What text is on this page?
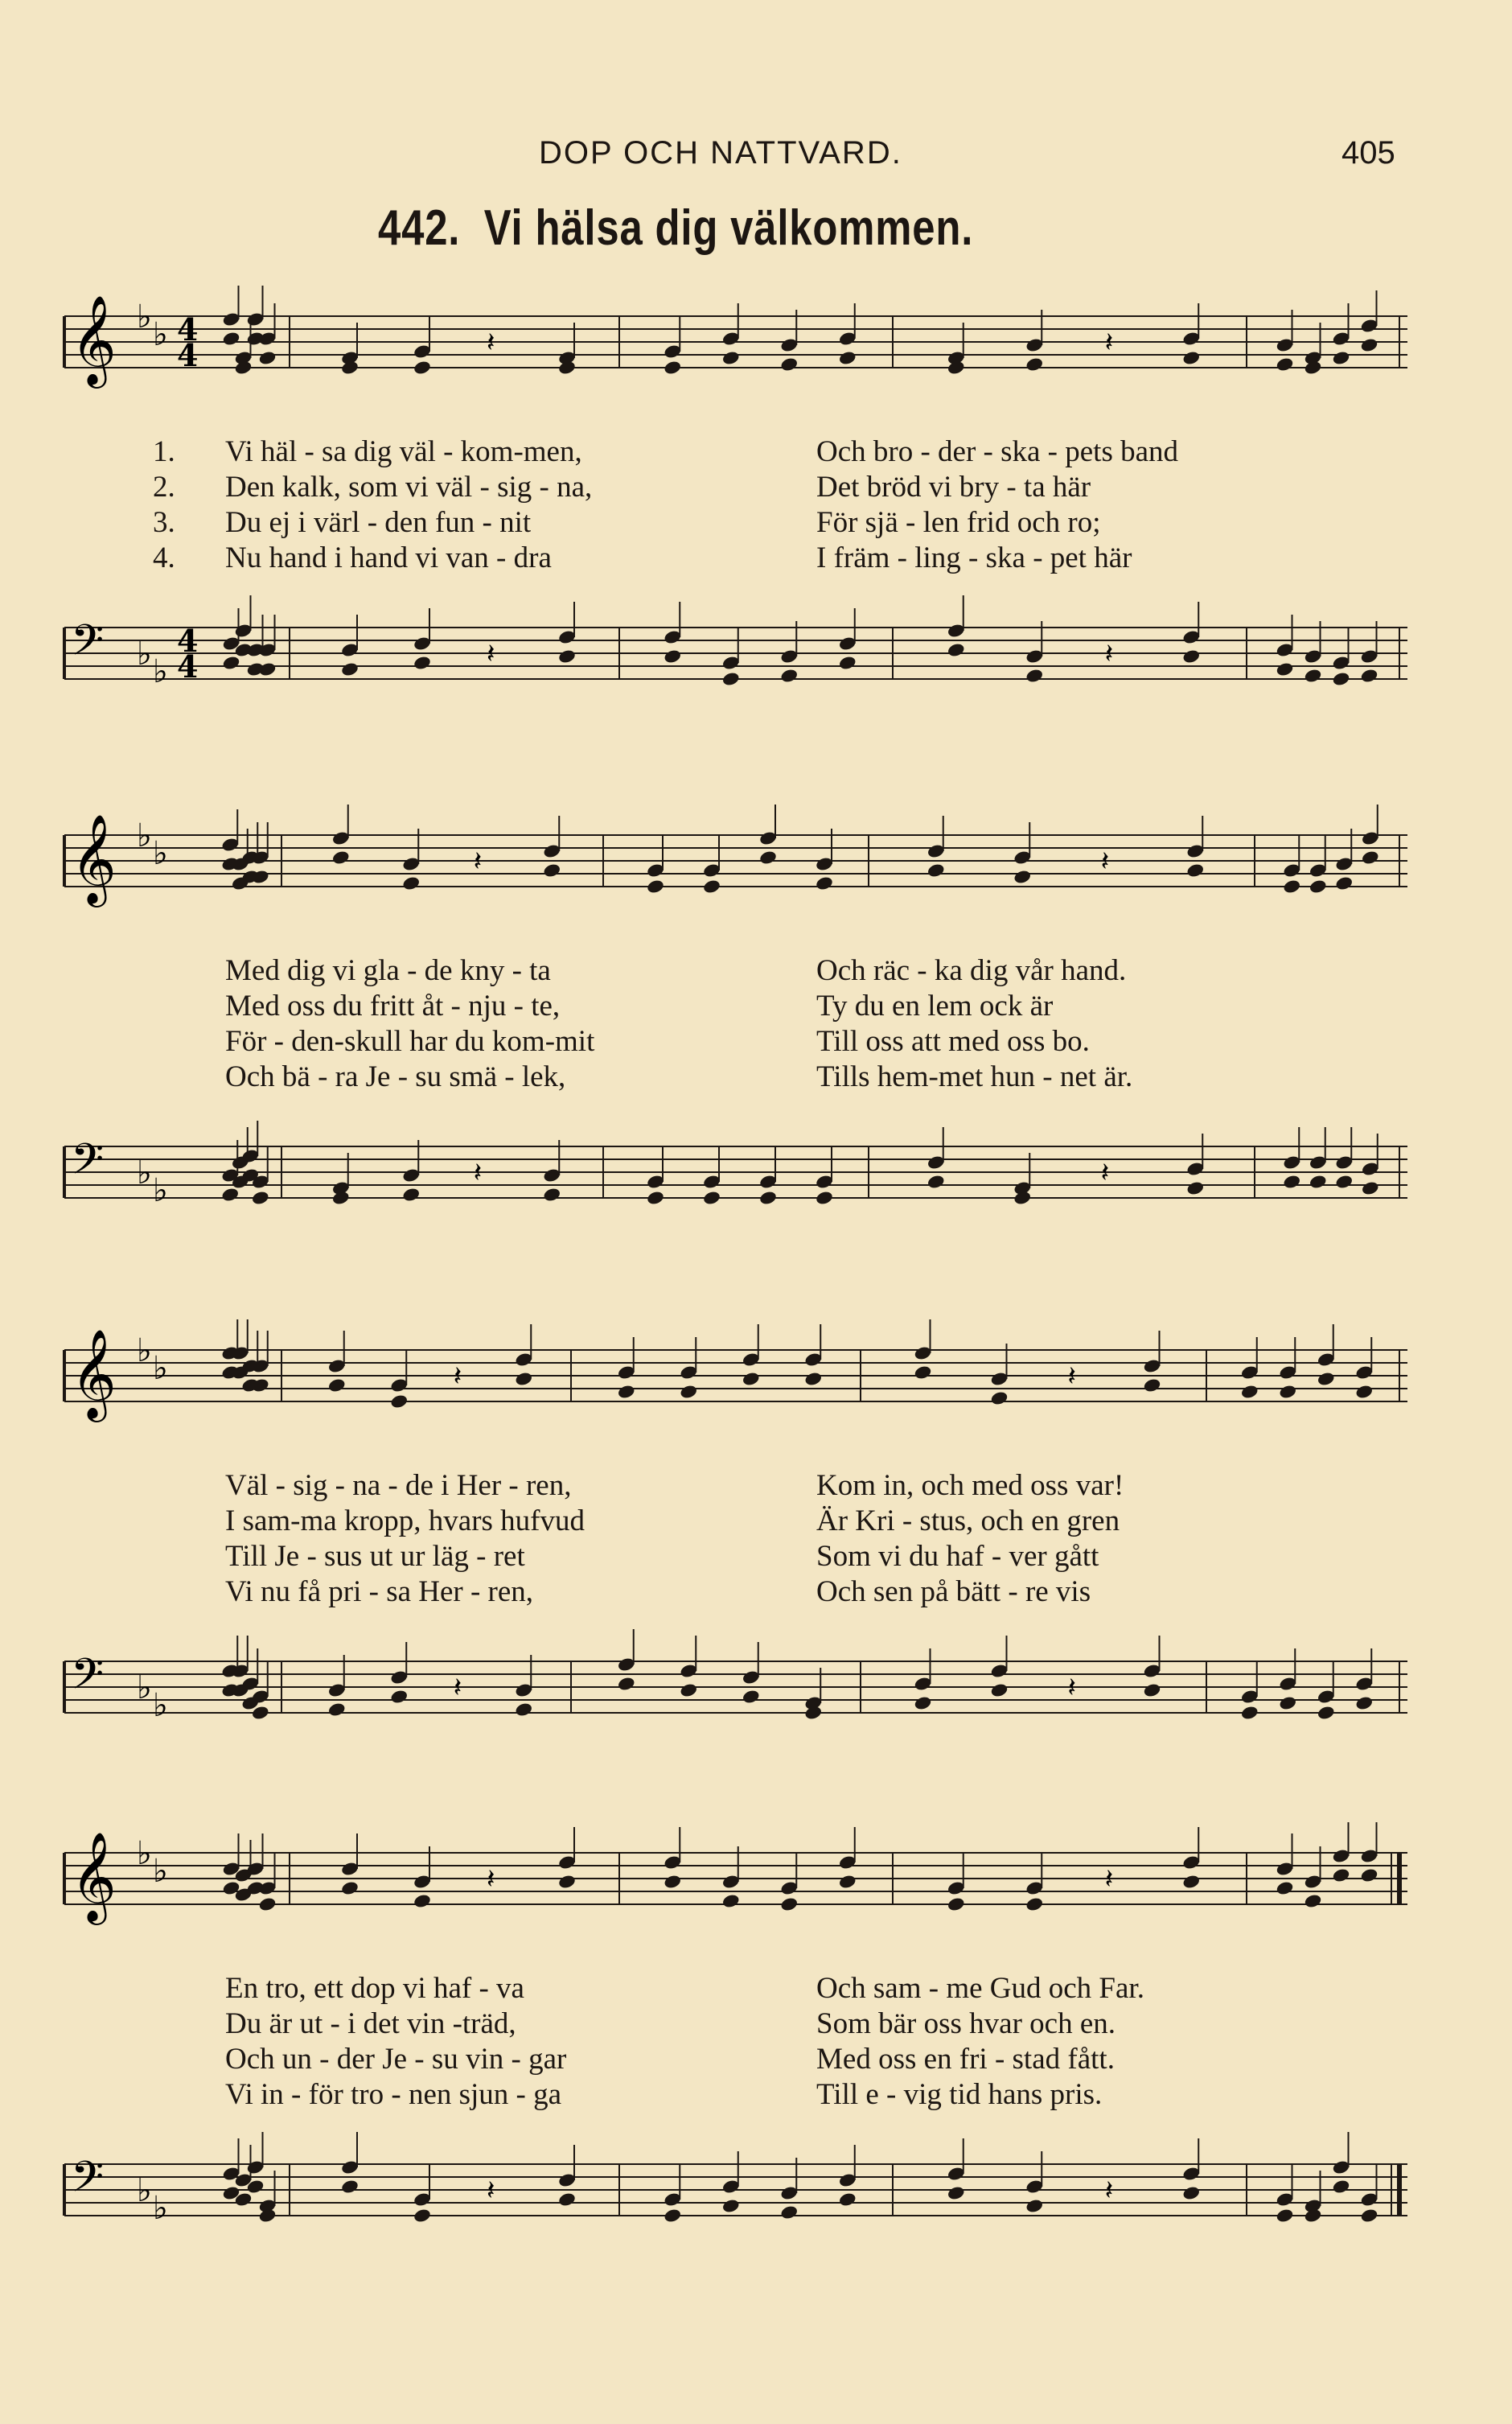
DOP OCH NATTVARD.	405
442. Vi hälsa dig välkommen.
𝄞 ♭ ♭ 4
4	𝄽	𝄽
1. Vi häl - sa dig väl - kom-men,	Och bro - der - ska - pets band
2. Den kalk, som vi väl - sig - na,	Det bröd vi bry - ta här
3. Du ej i värl - den fun - nit	För sjä - len frid och ro;
4. Nu hand i hand vi van - dra	I främ - ling - ska - pet här
𝄢 ♭ ♭
4
4	𝄽	𝄽
𝄞 ♭ ♭	𝄽	𝄽
Med dig vi gla - de kny - ta	Och räc - ka dig vår hand.
Med oss du fritt åt - nju - te,	Ty du en lem ock är
För - den-skull har du kom-mit	Till oss att med oss bo.
Och bä - ra Je - su smä - lek,	Tills hem-met hun - net är.
𝄢 ♭ ♭	𝄽	𝄽
𝄞 ♭ ♭	𝄽	𝄽
Väl - sig - na - de i Her - ren,	Kom in, och med oss var!
I sam-ma kropp, hvars hufvud	Är Kri - stus, och en gren
Till Je - sus ut ur läg - ret	Som vi du haf - ver gått
Vi nu få pri - sa Her - ren,	Och sen på bätt - re vis
𝄢 ♭ ♭	𝄽	𝄽
𝄞 ♭ ♭	𝄽	𝄽
En tro, ett dop vi haf - va	Och sam - me Gud och Far.
Du är ut - i det vin -träd,	Som bär oss hvar och en.
Och un - der Je - su vin - gar	Med oss en fri - stad fått.
Vi in - för tro - nen sjun - ga	Till e - vig tid hans pris.
𝄢 ♭ ♭	𝄽	𝄽
